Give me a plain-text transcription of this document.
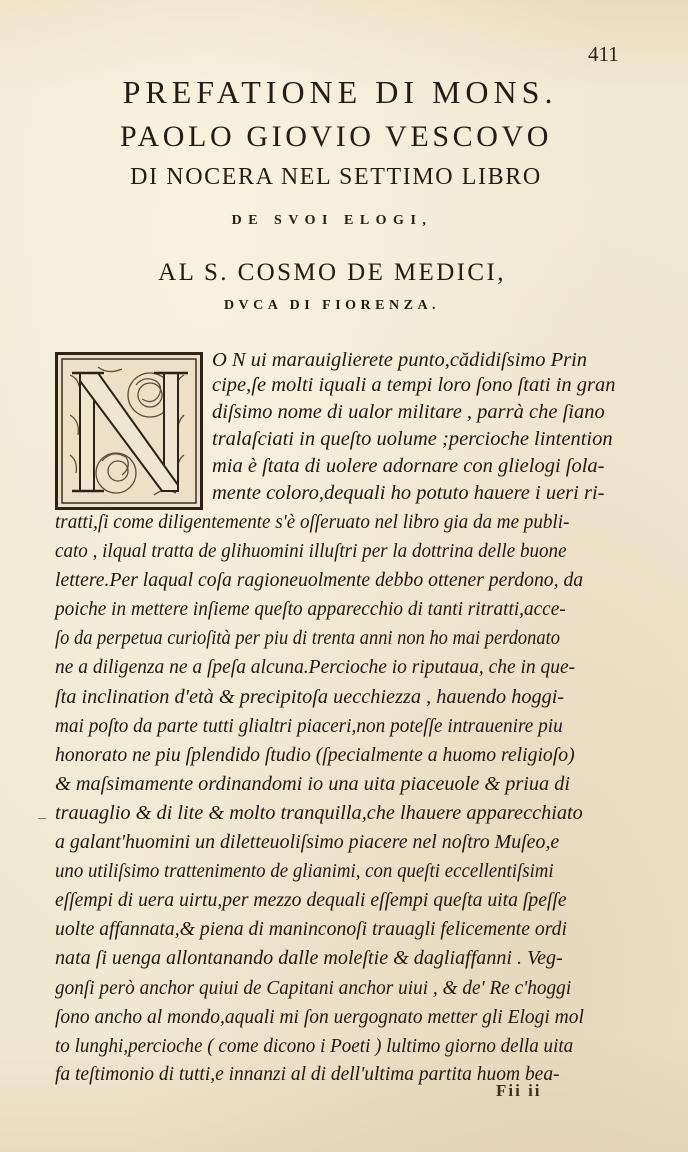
411
PREFATIONE DI MONS.
PAOLO GIOVIO VESCOVO
DI NOCERA NEL SETTIMO LIBRO
DE SVOI ELOGI,
AL S. COSMO DE MEDICI,
DVCA DI FIORENZA.
O N ui marauiglierete punto,cădidiſsimo Prin
cipe,ſe molti iquali a tempi loro ſono ſtati in gran
diſsimo nome di ualor militare , parrà che ſiano
tralaſciati in queſto uolume ;percioche lintention
mia è ſtata di uolere adornare con glielogi ſola-
mente coloro,dequali ho potuto hauere i ueri ri-
tratti,ſi come diligentemente s'è oſſeruato nel libro gia da me publi-
cato , ilqual tratta de glihuomini illuſtri per la dottrina delle buone
lettere.Per laqual coſa ragioneuolmente debbo ottener perdono, da
poiche in mettere inſieme queſto apparecchio di tanti ritratti,acce-
ſo da perpetua curioſità per piu di trenta anni non ho mai perdonato
ne a diligenza ne a ſpeſa alcuna.Percioche io riputaua, che in que-
ſta inclination d'età & precipitoſa uecchiezza , hauendo hoggi-
mai poſto da parte tutti glialtri piaceri,non poteſſe intrauenire piu
honorato ne piu ſplendido ſtudio (ſpecialmente a huomo religioſo)
& maſsimamente ordinandomi io una uita piaceuole & priua di
trauaglio & di lite & molto tranquilla,che lhauere apparecchiato
a galant'huomini un diletteuoliſsimo piacere nel noſtro Muſeo,e
uno utiliſsimo trattenimento de glianimi, con queſti eccellentiſsimi
eſſempi di uera uirtu,per mezzo dequali eſſempi queſta uita ſpeſſe
uolte affannata,& piena di maninconoſi trauagli felicemente ordi
nata ſi uenga allontanando dalle moleſtie & dagliaffanni . Veg-
gonſi però anchor quiui de Capitani anchor uiui , & de' Re c'hoggi
ſono ancho al mondo,aquali mi ſon uergognato metter gli Elogi mol
to lunghi,percioche ( come dicono i Poeti ) lultimo giorno della uita
fa teſtimonio di tutti,e innanzi al di dell'ultima partita huom bea-
Fii ii
